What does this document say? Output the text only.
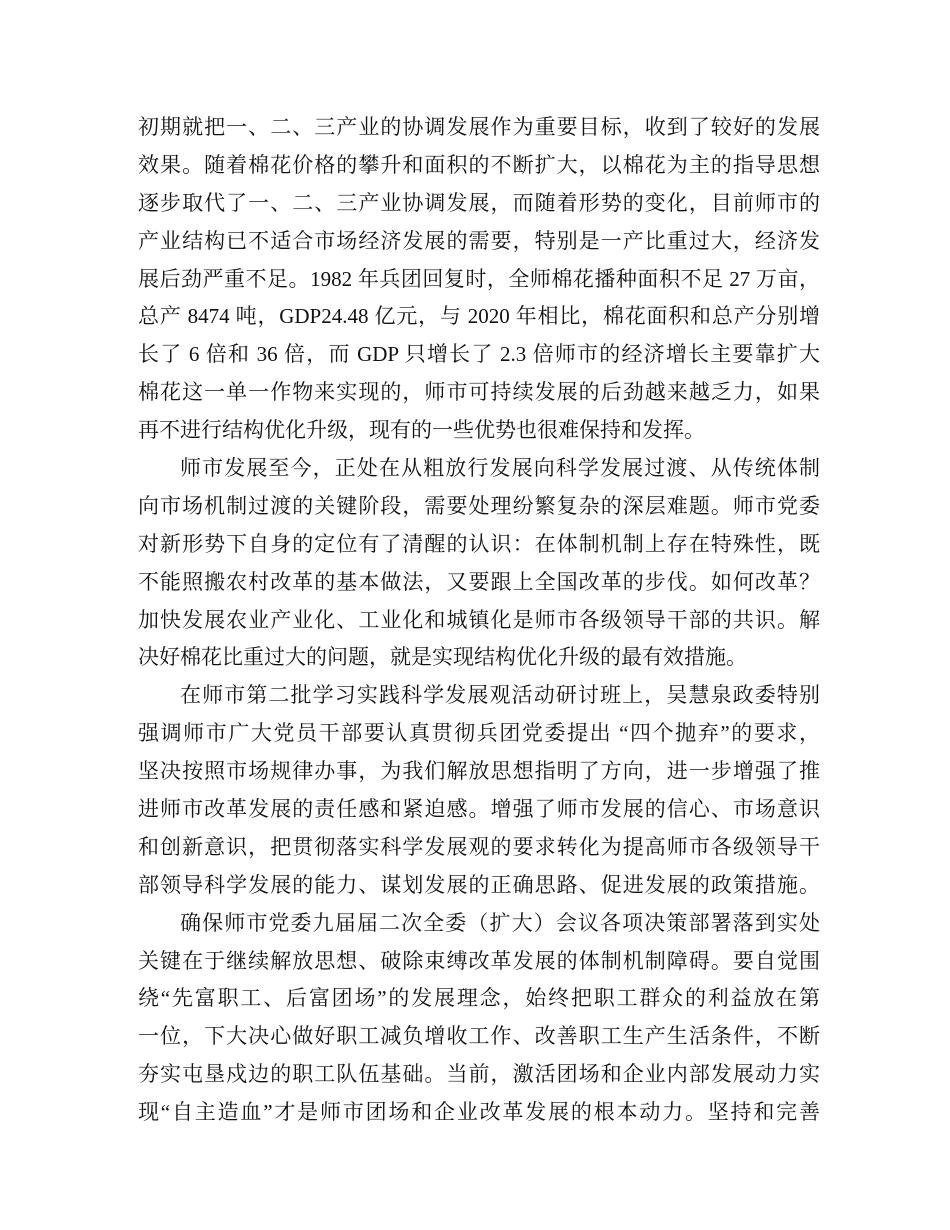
初期就把一、二、三产业的协调发展作为重要目标，收到了较好的发展
效果。随着棉花价格的攀升和面积的不断扩大，以棉花为主的指导思想
逐步取代了一、二、三产业协调发展，而随着形势的变化，目前师市的
产业结构已不适合市场经济发展的需要，特别是一产比重过大，经济发
展后劲严重不足。1982 年兵团回复时，全师棉花播种面积不足 27 万亩，
总产 8474 吨，GDP24.48 亿元，与 2020 年相比，棉花面积和总产分别增
长了 6 倍和 36 倍，而 GDP 只增长了 2.3 倍师市的经济增长主要靠扩大
棉花这一单一作物来实现的，师市可持续发展的后劲越来越乏力，如果
再不进行结构优化升级，现有的一些优势也很难保持和发挥。
师市发展至今，正处在从粗放行发展向科学发展过渡、从传统体制
向市场机制过渡的关键阶段，需要处理纷繁复杂的深层难题。师市党委
对新形势下自身的定位有了清醒的认识：在体制机制上存在特殊性，既
不能照搬农村改革的基本做法，又要跟上全国改革的步伐。如何改革？
加快发展农业产业化、工业化和城镇化是师市各级领导干部的共识。解
决好棉花比重过大的问题，就是实现结构优化升级的最有效措施。
在师市第二批学习实践科学发展观活动研讨班上，吴慧泉政委特别
强调师市广大党员干部要认真贯彻兵团党委提出 “四个抛弃”的要求，
坚决按照市场规律办事，为我们解放思想指明了方向，进一步增强了推
进师市改革发展的责任感和紧迫感。增强了师市发展的信心、市场意识
和创新意识，把贯彻落实科学发展观的要求转化为提高师市各级领导干
部领导科学发展的能力、谋划发展的正确思路、促进发展的政策措施。
确保师市党委九届届二次全委（扩大）会议各项决策部署落到实处
关键在于继续解放思想、破除束缚改革发展的体制机制障碍。要自觉围
绕“先富职工、后富团场”的发展理念，始终把职工群众的利益放在第
一位，下大决心做好职工减负增收工作、改善职工生产生活条件，不断
夯实屯垦戍边的职工队伍基础。当前，激活团场和企业内部发展动力实
现“自主造血”才是师市团场和企业改革发展的根本动力。坚持和完善
